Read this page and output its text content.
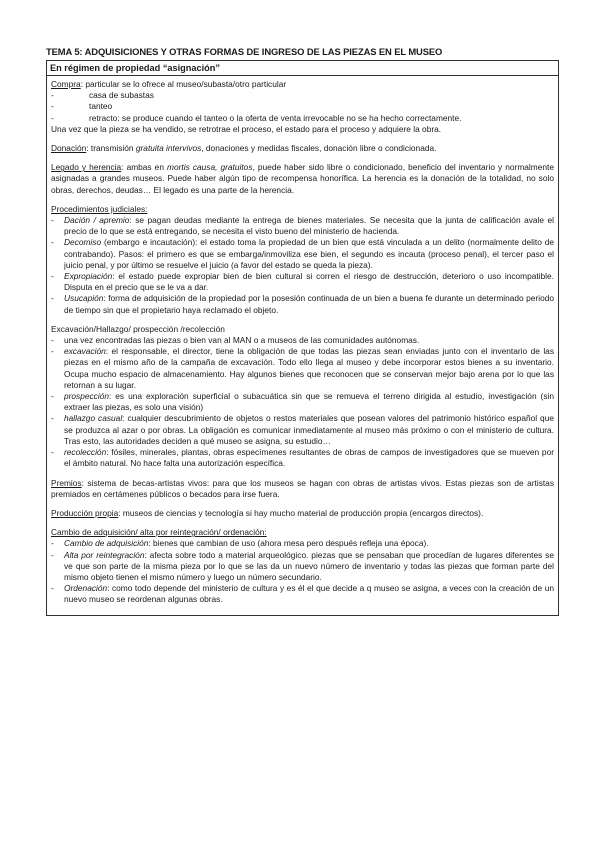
TEMA 5: ADQUISICIONES Y OTRAS FORMAS DE INGRESO DE LAS PIEZAS EN EL MUSEO
En régimen de propiedad “asignación”
Compra: particular se lo ofrece al museo/subasta/otro particular
-	casa de subastas
-	tanteo
-	retracto: se produce cuando el tanteo o la oferta de venta irrevocable no se ha hecho correctamente.
Una vez que la pieza se ha vendido, se retrotrae el proceso, el estado para el proceso y adquiere la obra.
Donación: transmisión gratuita intervivos, donaciones y medidas fiscales, donación libre o condicionada.
Legado y herencia: ambas en mortis causa, gratuitos, puede haber sido libre o condicionado, beneficio del inventario y normalmente asignadas a grandes museos. Puede haber algún tipo de recompensa honorífica. La herencia es la donación de la totalidad, no solo obras, derechos, deudas… El legado es una parte de la herencia.
Procedimientos judiciales:
-	Dación / apremio: se pagan deudas mediante la entrega de bienes materiales. Se necesita que la junta de calificación avale el precio de lo que se está entregando, se necesita el visto bueno del ministerio de hacienda.
-	Decomiso (embargo e incautación): el estado toma la propiedad de un bien que está vinculada a un delito (normalmente delito de contrabando). Pasos: el primero es que se embarga/inmoviliza ese bien, el segundo es incauta (proceso penal), el tercer paso el juicio penal, y por último se resuelve el juicio (a favor del estado se queda la pieza).
-	Expropiación: el estado puede expropiar bien de bien cultural si corren el riesgo de destrucción, deterioro o uso incompatible. Disputa en el precio que se le va a dar.
-	Usucapión: forma de adquisición de la propiedad por la posesión continuada de un bien a buena fe durante un determinado periodo de tiempo sin que el propietario haya reclamado el objeto.
Excavación/Hallazgo/ prospección /recolección
-	una vez encontradas las piezas o bien van al MAN o a museos de las comunidades autónomas.
-	excavación: el responsable, el director, tiene la obligación de que todas las piezas sean enviadas junto con el inventario de las piezas en el mismo año de la campaña de excavación. Todo ello llega al museo y debe incorporar estos bienes a su inventario. Ocupa mucho espacio de almacenamiento. Hay algunos bienes que reconocen que se conservan mejor bajo arena por lo que las retornan a su lugar.
-	prospección: es una exploración superficial o subacuática sin que se remueva el terreno dirigida al estudio, investigación (sin extraer las piezas, es solo una visión)
-	hallazgo casual: cualquier descubrimiento de objetos o restos materiales que posean valores del patrimonio histórico español que se produzca al azar o por obras. La obligación es comunicar inmediatamente al museo más próximo o con el ministerio de cultura. Tras esto, las autoridades deciden a qué museo se asigna, su estudio…
-	recolección: fósiles, minerales, plantas, obras especímenes resultantes de obras de campos de investigadores que se mueven por el ámbito natural. No hace falta una autorización específica.
Premios: sistema de becas-artistas vivos: para que los museos se hagan con obras de artistas vivos. Estas piezas son de artistas premiados en certámenes públicos o becados para irse fuera.
Producción propia: museos de ciencias y tecnología si hay mucho material de producción propia (encargos directos).
Cambio de adquisición/ alta por reintegración/ ordenación:
-	Cambio de adquisición: bienes que cambian de uso (ahora mesa pero después refleja una época).
-	Alta por reintegración: afecta sobre todo a material arqueológico. piezas que se pensaban que procedían de lugares diferentes se ve que son parte de la misma pieza por lo que se las da un nuevo número de inventario y todas las piezas que forman parte del mismo objeto tienen el mismo número y luego un número secundario.
-	Ordenación: como todo depende del ministerio de cultura y es él el que decide a q museo se asigna, a veces con la creación de un nuevo museo se reordenan algunas obras.
